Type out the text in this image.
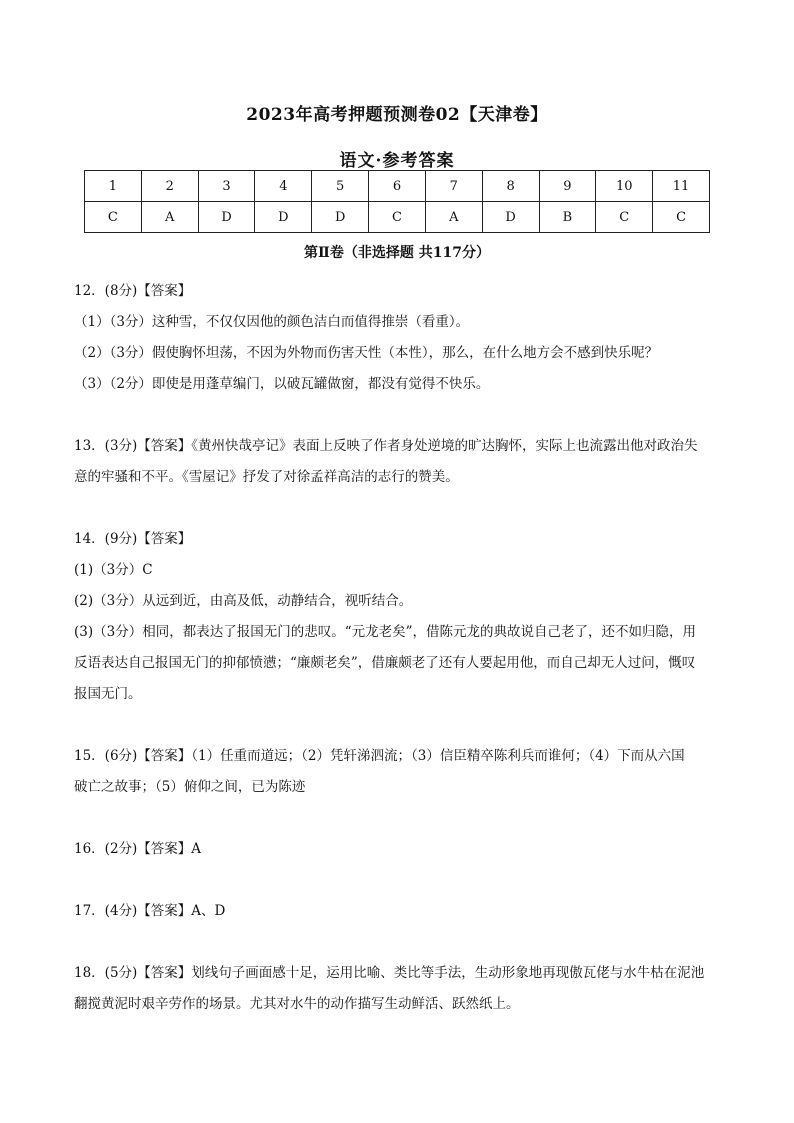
2023年高考押题预测卷02【天津卷】
语文·参考答案
1	2	3	4	5	6	7	8	9	10	11
C	A	D	D	D	C	A	D	B	C	C
第Ⅱ卷（非选择题 共117分）

12．(8分)【答案】

（1）（3分）这种雪，不仅仅因他的颜色洁白而值得推崇（看重）。

（2）（3分）假使胸怀坦荡，不因为外物而伤害天性（本性），那么，在什么地方会不感到快乐呢？

（3）（2分）即使是用蓬草编门，以破瓦罐做窗，都没有觉得不快乐。

13．(3分)【答案】《黄州快哉亭记》表面上反映了作者身处逆境的旷达胸怀，实际上也流露出他对政治失

意的牢骚和不平。《雪屋记》抒发了对徐孟祥高洁的志行的赞美。

14．(9分)【答案】

(1)（3分）C

(2)（3分）从远到近，由高及低，动静结合，视听结合。

(3)（3分）相同，都表达了报国无门的悲叹。“元龙老矣”，借陈元龙的典故说自己老了，还不如归隐，用

反语表达自己报国无门的抑郁愤懑；“廉颇老矣”，借廉颇老了还有人要起用他，而自己却无人过问，慨叹

报国无门。

15．(6分)【答案】（1）任重而道远；（2）凭轩涕泗流；（3）信臣精卒陈利兵而谁何；（4）下而从六国

破亡之故事；（5）俯仰之间，已为陈迹

16．(2分)【答案】A

17．(4分)【答案】A、D

18．(5分)【答案】划线句子画面感十足，运用比喻、类比等手法，生动形象地再现傲瓦佬与水牛枯在泥池

翻搅黄泥时艰辛劳作的场景。尤其对水牛的动作描写生动鲜活、跃然纸上。
